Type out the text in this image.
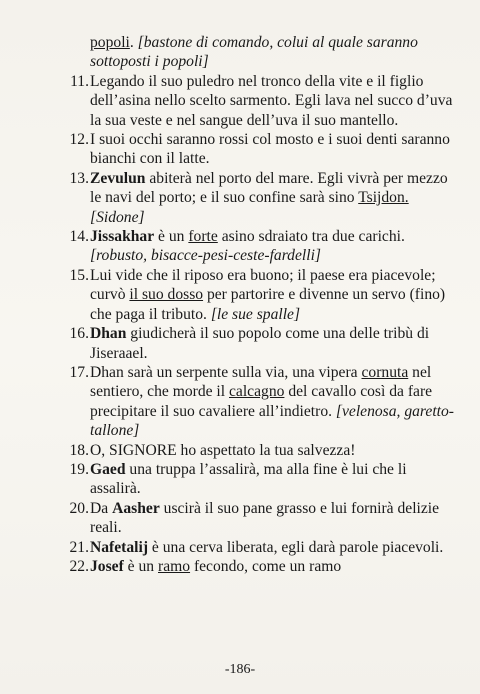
popoli. [bastone di comando, colui al quale saranno sottoposti i popoli]
11. Legando il suo puledro nel tronco della vite e il figlio dell’asina nello scelto sarmento. Egli lava nel succo d’uva la sua veste e nel sangue dell’uva il suo mantello.
12. I suoi occhi saranno rossi col mosto e i suoi denti saranno bianchi con il latte.
13. Zevulun abiterà nel porto del mare. Egli vivrà per mezzo le navi del porto; e il suo confine sarà sino Tsijdon. [Sidone]
14. Jissakhar è un forte asino sdraiato tra due carichi. [robusto, bisacce-pesi-ceste-fardelli]
15. Lui vide che il riposo era buono; il paese era piacevole; curvò il suo dosso per partorire e divenne un servo (fino) che paga il tributo. [le sue spalle]
16. Dhan giudicherà il suo popolo come una delle tribù di Jiseraael.
17. Dhan sarà un serpente sulla via, una vipera cornuta nel sentiero, che morde il calcagno del cavallo così da fare precipitare il suo cavaliere all’indietro. [velenosa, garetto-tallone]
18. O, SIGNORE ho aspettato la tua salvezza!
19. Gaed una truppa l’assalirà, ma alla fine è lui che li assalirà.
20. Da Aasher uscirà il suo pane grasso e lui fornirà delizie reali.
21. Nafetalij è una cerva liberata, egli darà parole piacevoli.
22. Josef è un ramo fecondo, come un ramo
-186-
